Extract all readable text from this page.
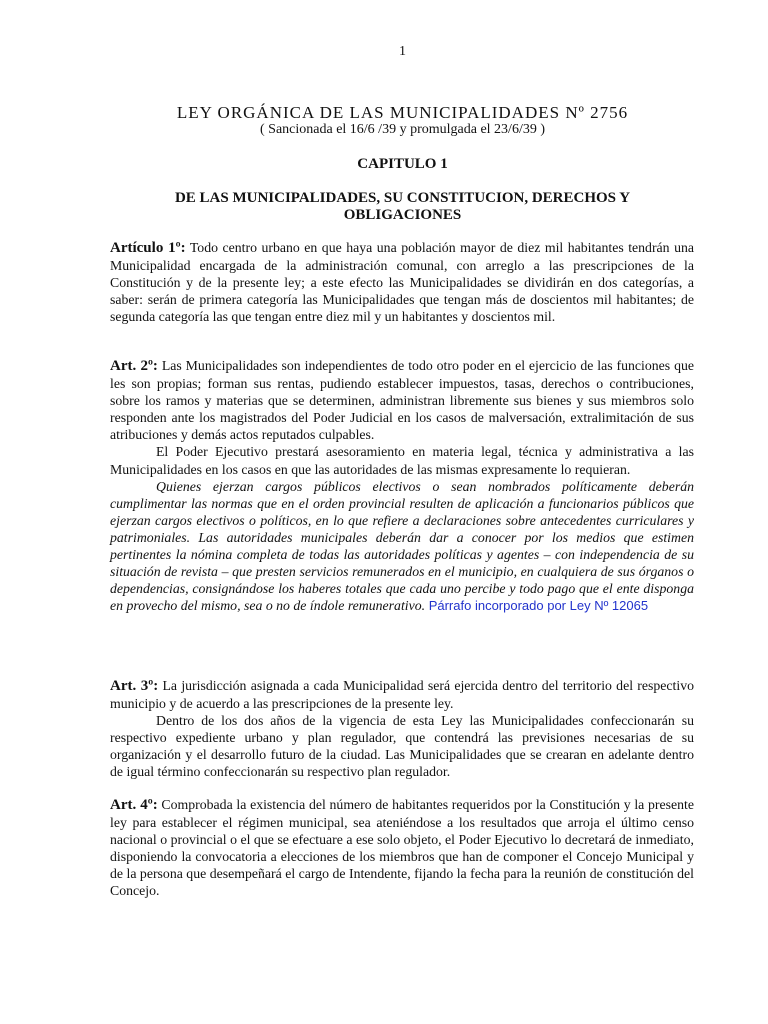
1
LEY ORGÁNICA DE LAS MUNICIPALIDADES Nº 2756
( Sancionada el 16/6 /39 y promulgada el 23/6/39 )
CAPITULO 1
DE LAS MUNICIPALIDADES, SU CONSTITUCION, DERECHOS Y OBLIGACIONES

Artículo 1º: Todo centro urbano en que haya una población mayor de diez mil habitantes tendrán una Municipalidad encargada de la administración comunal, con arreglo a las prescripciones de la Constitución y de la presente ley; a este efecto las Municipalidades se dividirán en dos categorías, a saber: serán de primera categoría las Municipalidades que tengan más de doscientos mil habitantes; de segunda categoría las que tengan entre diez mil y un habitantes y doscientos mil.

Art. 2º: Las Municipalidades son independientes de todo otro poder en el ejercicio de las funciones que les son propias; forman sus rentas, pudiendo establecer impuestos, tasas, derechos o contribuciones, sobre los ramos y materias que se determinen, administran libremente sus bienes y sus miembros solo responden ante los magistrados del Poder Judicial en los casos de malversación, extralimitación de sus atribuciones y demás actos reputados culpables.

El Poder Ejecutivo prestará asesoramiento en materia legal, técnica y administrativa a las Municipalidades en los casos en que las autoridades de las mismas expresamente lo requieran.

Quienes ejerzan cargos públicos electivos o sean nombrados políticamente deberán cumplimentar las normas que en el orden provincial resulten de aplicación a funcionarios públicos que ejerzan cargos electivos o políticos, en lo que refiere a declaraciones sobre antecedentes curriculares y patrimoniales. Las autoridades municipales deberán dar a conocer por los medios que estimen pertinentes la nómina completa de todas las autoridades políticas y agentes – con independencia de su situación de revista – que presten servicios remunerados en el municipio, en cualquiera de sus órganos o dependencias, consignándose los haberes totales que cada uno percibe y todo pago que el ente disponga en provecho del mismo, sea o no de índole remunerativo. Párrafo incorporado por Ley Nº 12065

Art. 3º: La jurisdicción asignada a cada Municipalidad será ejercida dentro del territorio del respectivo municipio y de acuerdo a las prescripciones de la presente ley.

Dentro de los dos años de la vigencia de esta Ley las Municipalidades confeccionarán su respectivo expediente urbano y plan regulador, que contendrá las previsiones necesarias de su organización y el desarrollo futuro de la ciudad. Las Municipalidades que se crearan en adelante dentro de igual término confeccionarán su respectivo plan regulador.

Art. 4º: Comprobada la existencia del número de habitantes requeridos por la Constitución y la presente ley para establecer el régimen municipal, sea ateniéndose a los resultados que arroja el último censo nacional o provincial o el que se efectuare a ese solo objeto, el Poder Ejecutivo lo decretará de inmediato, disponiendo la convocatoria a elecciones de los miembros que han de componer el Concejo Municipal y de la persona que desempeñará el cargo de Intendente, fijando la fecha para la reunión de constitución del Concejo.
